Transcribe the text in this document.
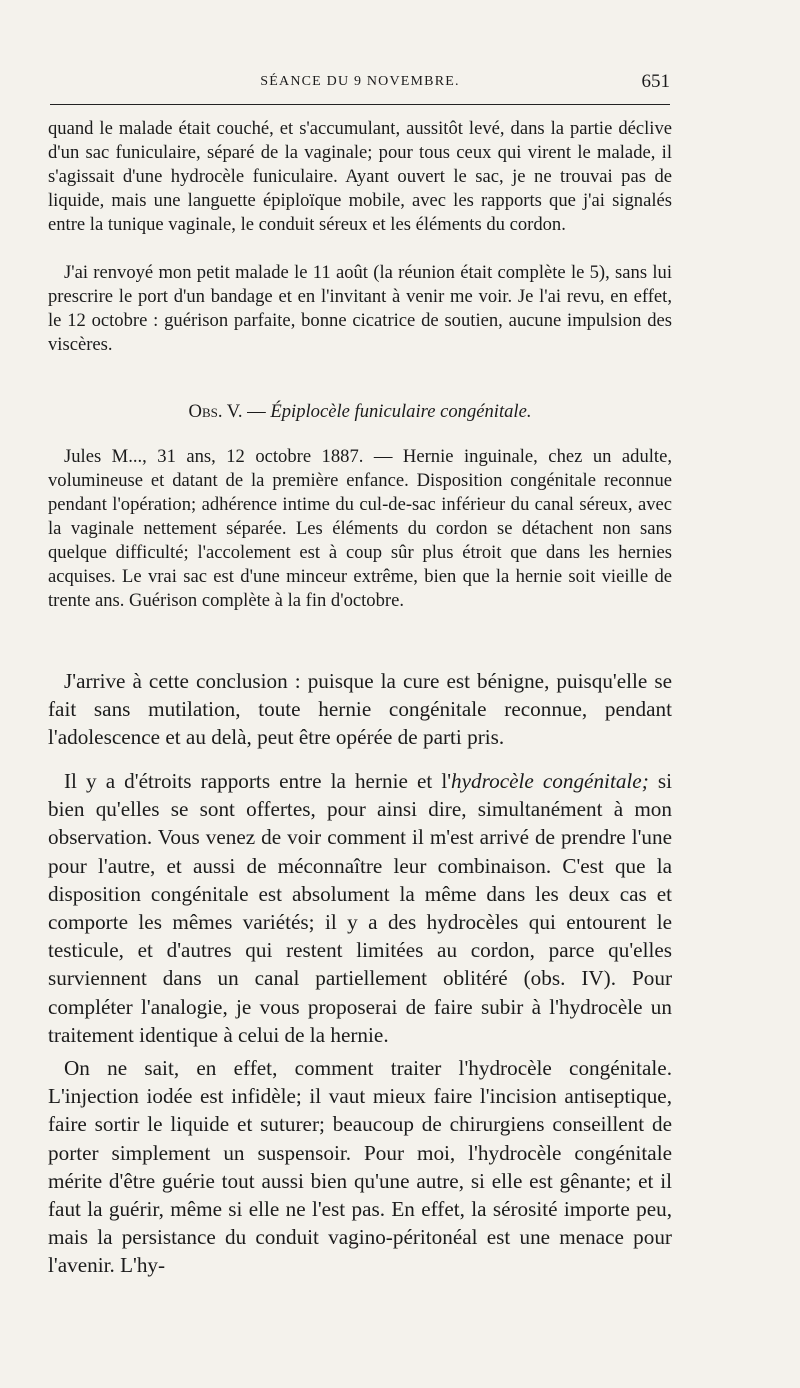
SÉANCE DU 9 NOVEMBRE.	651

quand le malade était couché, et s'accumulant, aussitôt levé, dans la partie déclive d'un sac funiculaire, séparé de la vaginale; pour tous ceux qui virent le malade, il s'agissait d'une hydrocèle funiculaire. Ayant ouvert le sac, je ne trouvai pas de liquide, mais une languette épiploïque mobile, avec les rapports que j'ai signalés entre la tunique vaginale, le conduit séreux et les éléments du cordon.

J'ai renvoyé mon petit malade le 11 août (la réunion était complète le 5), sans lui prescrire le port d'un bandage et en l'invitant à venir me voir. Je l'ai revu, en effet, le 12 octobre : guérison parfaite, bonne cicatrice de soutien, aucune impulsion des viscères.

Obs. V. — Épiplocèle funiculaire congénitale.

Jules M..., 31 ans, 12 octobre 1887. — Hernie inguinale, chez un adulte, volumineuse et datant de la première enfance. Disposition congénitale reconnue pendant l'opération; adhérence intime du cul-de-sac inférieur du canal séreux, avec la vaginale nettement séparée. Les éléments du cordon se détachent non sans quelque difficulté; l'accolement est à coup sûr plus étroit que dans les hernies acquises. Le vrai sac est d'une minceur extrême, bien que la hernie soit vieille de trente ans. Guérison complète à la fin d'octobre.

J'arrive à cette conclusion : puisque la cure est bénigne, puisqu'elle se fait sans mutilation, toute hernie congénitale reconnue, pendant l'adolescence et au delà, peut être opérée de parti pris.

Il y a d'étroits rapports entre la hernie et l'hydrocèle congénitale; si bien qu'elles se sont offertes, pour ainsi dire, simultanément à mon observation. Vous venez de voir comment il m'est arrivé de prendre l'une pour l'autre, et aussi de méconnaître leur combinaison. C'est que la disposition congénitale est absolument la même dans les deux cas et comporte les mêmes variétés; il y a des hydrocèles qui entourent le testicule, et d'autres qui restent limitées au cordon, parce qu'elles surviennent dans un canal partiellement oblitéré (obs. IV). Pour compléter l'analogie, je vous proposerai de faire subir à l'hydrocèle un traitement identique à celui de la hernie.

On ne sait, en effet, comment traiter l'hydrocèle congénitale. L'injection iodée est infidèle; il vaut mieux faire l'incision antiseptique, faire sortir le liquide et suturer; beaucoup de chirurgiens conseillent de porter simplement un suspensoir. Pour moi, l'hydrocèle congénitale mérite d'être guérie tout aussi bien qu'une autre, si elle est gênante; et il faut la guérir, même si elle ne l'est pas. En effet, la sérosité importe peu, mais la persistance du conduit vagino-péritonéal est une menace pour l'avenir. L'hy-
